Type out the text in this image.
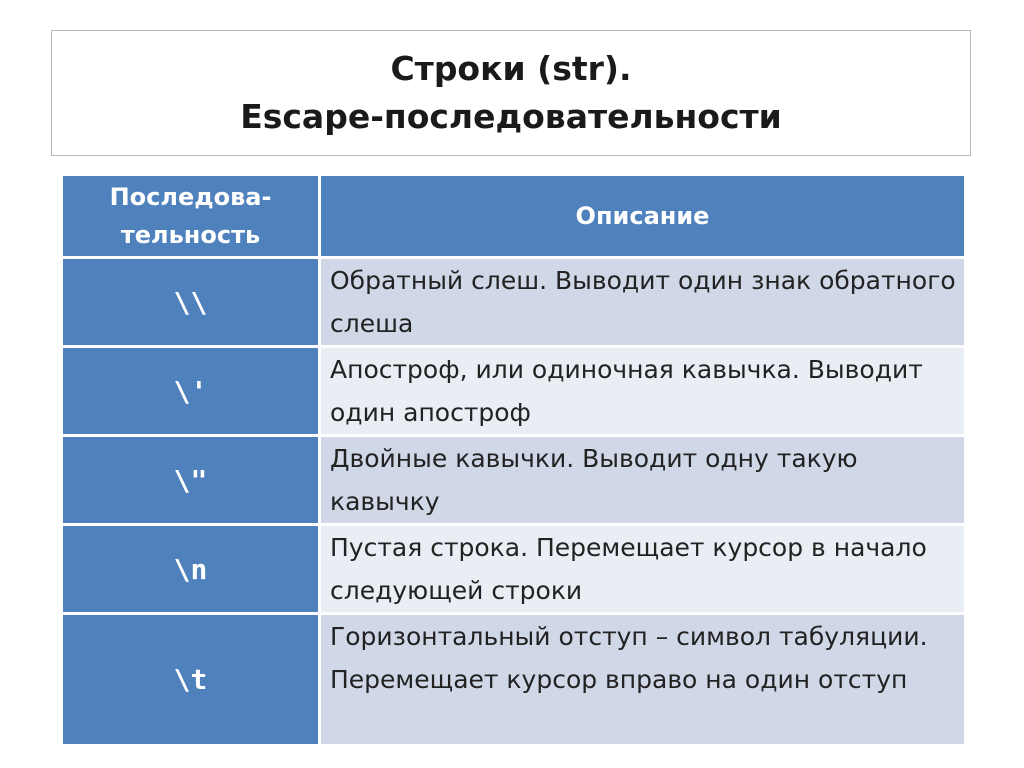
Строки (str).
Escape-последовательности
Последова-
тельность	Описание
\\	Обратный слеш. Выводит один знак обратного слеша
\'	Апостроф, или одиночная кавычка. Выводит один апостроф
\"	Двойные кавычки. Выводит одну такую кавычку
\n	Пустая строка. Перемещает курсор в начало следующей строки
\t	Горизонтальный отступ – символ табуляции. Перемещает курсор вправо на один отступ
